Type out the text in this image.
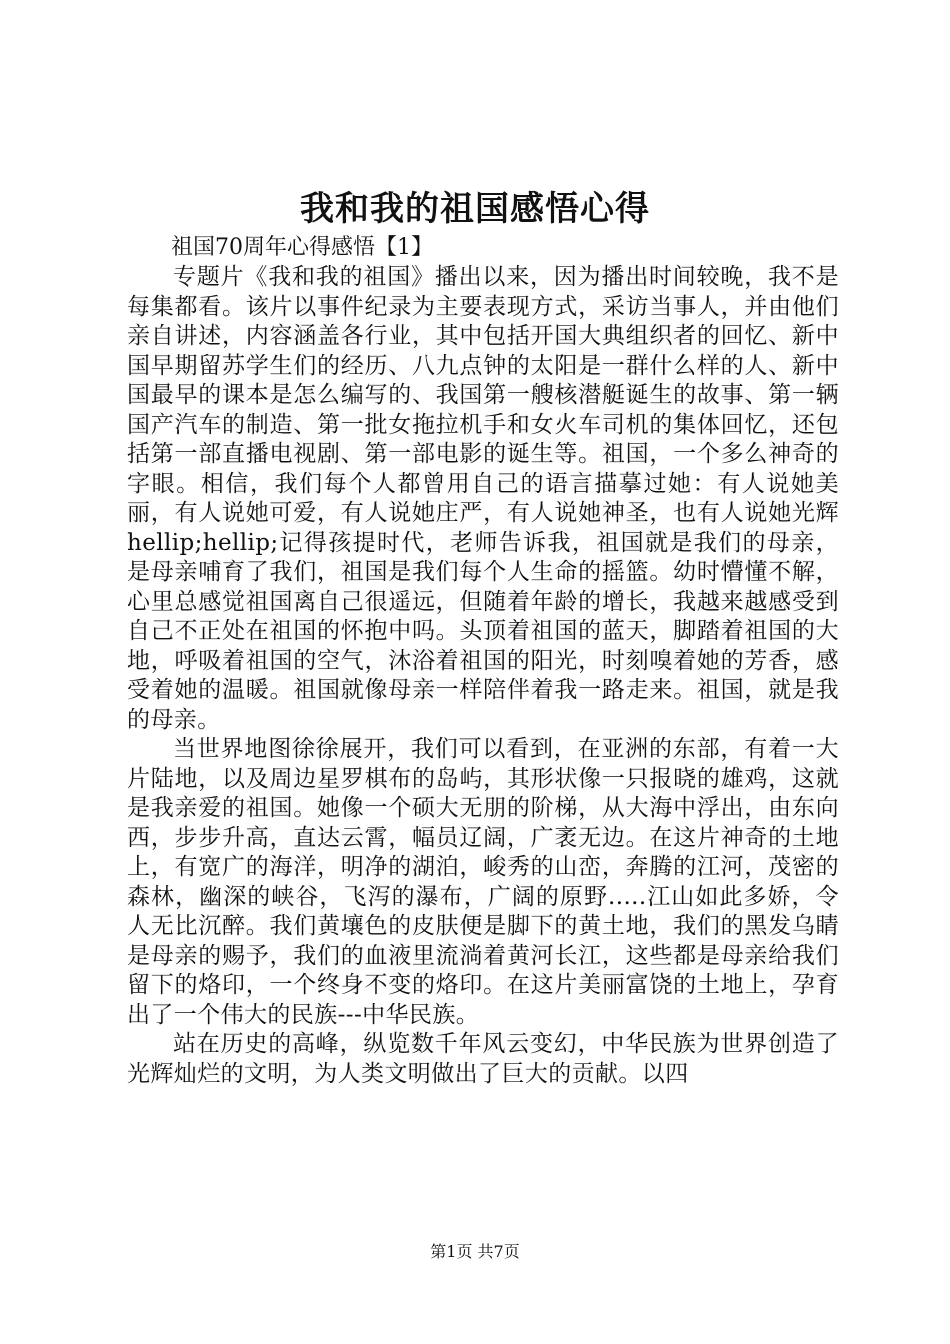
我和我的祖国感悟心得

祖国70周年心得感悟【1】

专题片《我和我的祖国》播出以来，因为播出时间较晚，我不是每集都看。该片以事件纪录为主要表现方式，采访当事人，并由他们亲自讲述，内容涵盖各行业，其中包括开国大典组织者的回忆、新中国早期留苏学生们的经历、八九点钟的太阳是一群什么样的人、新中国最早的课本是怎么编写的、我国第一艘核潜艇诞生的故事、第一辆国产汽车的制造、第一批女拖拉机手和女火车司机的集体回忆，还包括第一部直播电视剧、第一部电影的诞生等。祖国，一个多么神奇的字眼。相信，我们每个人都曾用自己的语言描摹过她：有人说她美丽，有人说她可爱，有人说她庄严，有人说她神圣，也有人说她光辉hellip;hellip;记得孩提时代，老师告诉我，祖国就是我们的母亲，是母亲哺育了我们，祖国是我们每个人生命的摇篮。幼时懵懂不解，心里总感觉祖国离自己很遥远，但随着年龄的增长，我越来越感受到自己不正处在祖国的怀抱中吗。头顶着祖国的蓝天，脚踏着祖国的大地，呼吸着祖国的空气，沐浴着祖国的阳光，时刻嗅着她的芳香，感受着她的温暖。祖国就像母亲一样陪伴着我一路走来。祖国，就是我的母亲。

当世界地图徐徐展开，我们可以看到，在亚洲的东部，有着一大片陆地，以及周边星罗棋布的岛屿，其形状像一只报晓的雄鸡，这就是我亲爱的祖国。她像一个硕大无朋的阶梯，从大海中浮出，由东向西，步步升高，直达云霄，幅员辽阔，广袤无边。在这片神奇的土地上，有宽广的海洋，明净的湖泊，峻秀的山峦，奔腾的江河，茂密的森林，幽深的峡谷，飞泻的瀑布，广阔的原野.....江山如此多娇，令人无比沉醉。我们黄壤色的皮肤便是脚下的黄土地，我们的黑发乌睛是母亲的赐予，我们的血液里流淌着黄河长江，这些都是母亲给我们留下的烙印，一个终身不变的烙印。在这片美丽富饶的土地上，孕育出了一个伟大的民族---中华民族。

站在历史的高峰，纵览数千年风云变幻，中华民族为世界创造了光辉灿烂的文明，为人类文明做出了巨大的贡献。以四

第1页 共7页
